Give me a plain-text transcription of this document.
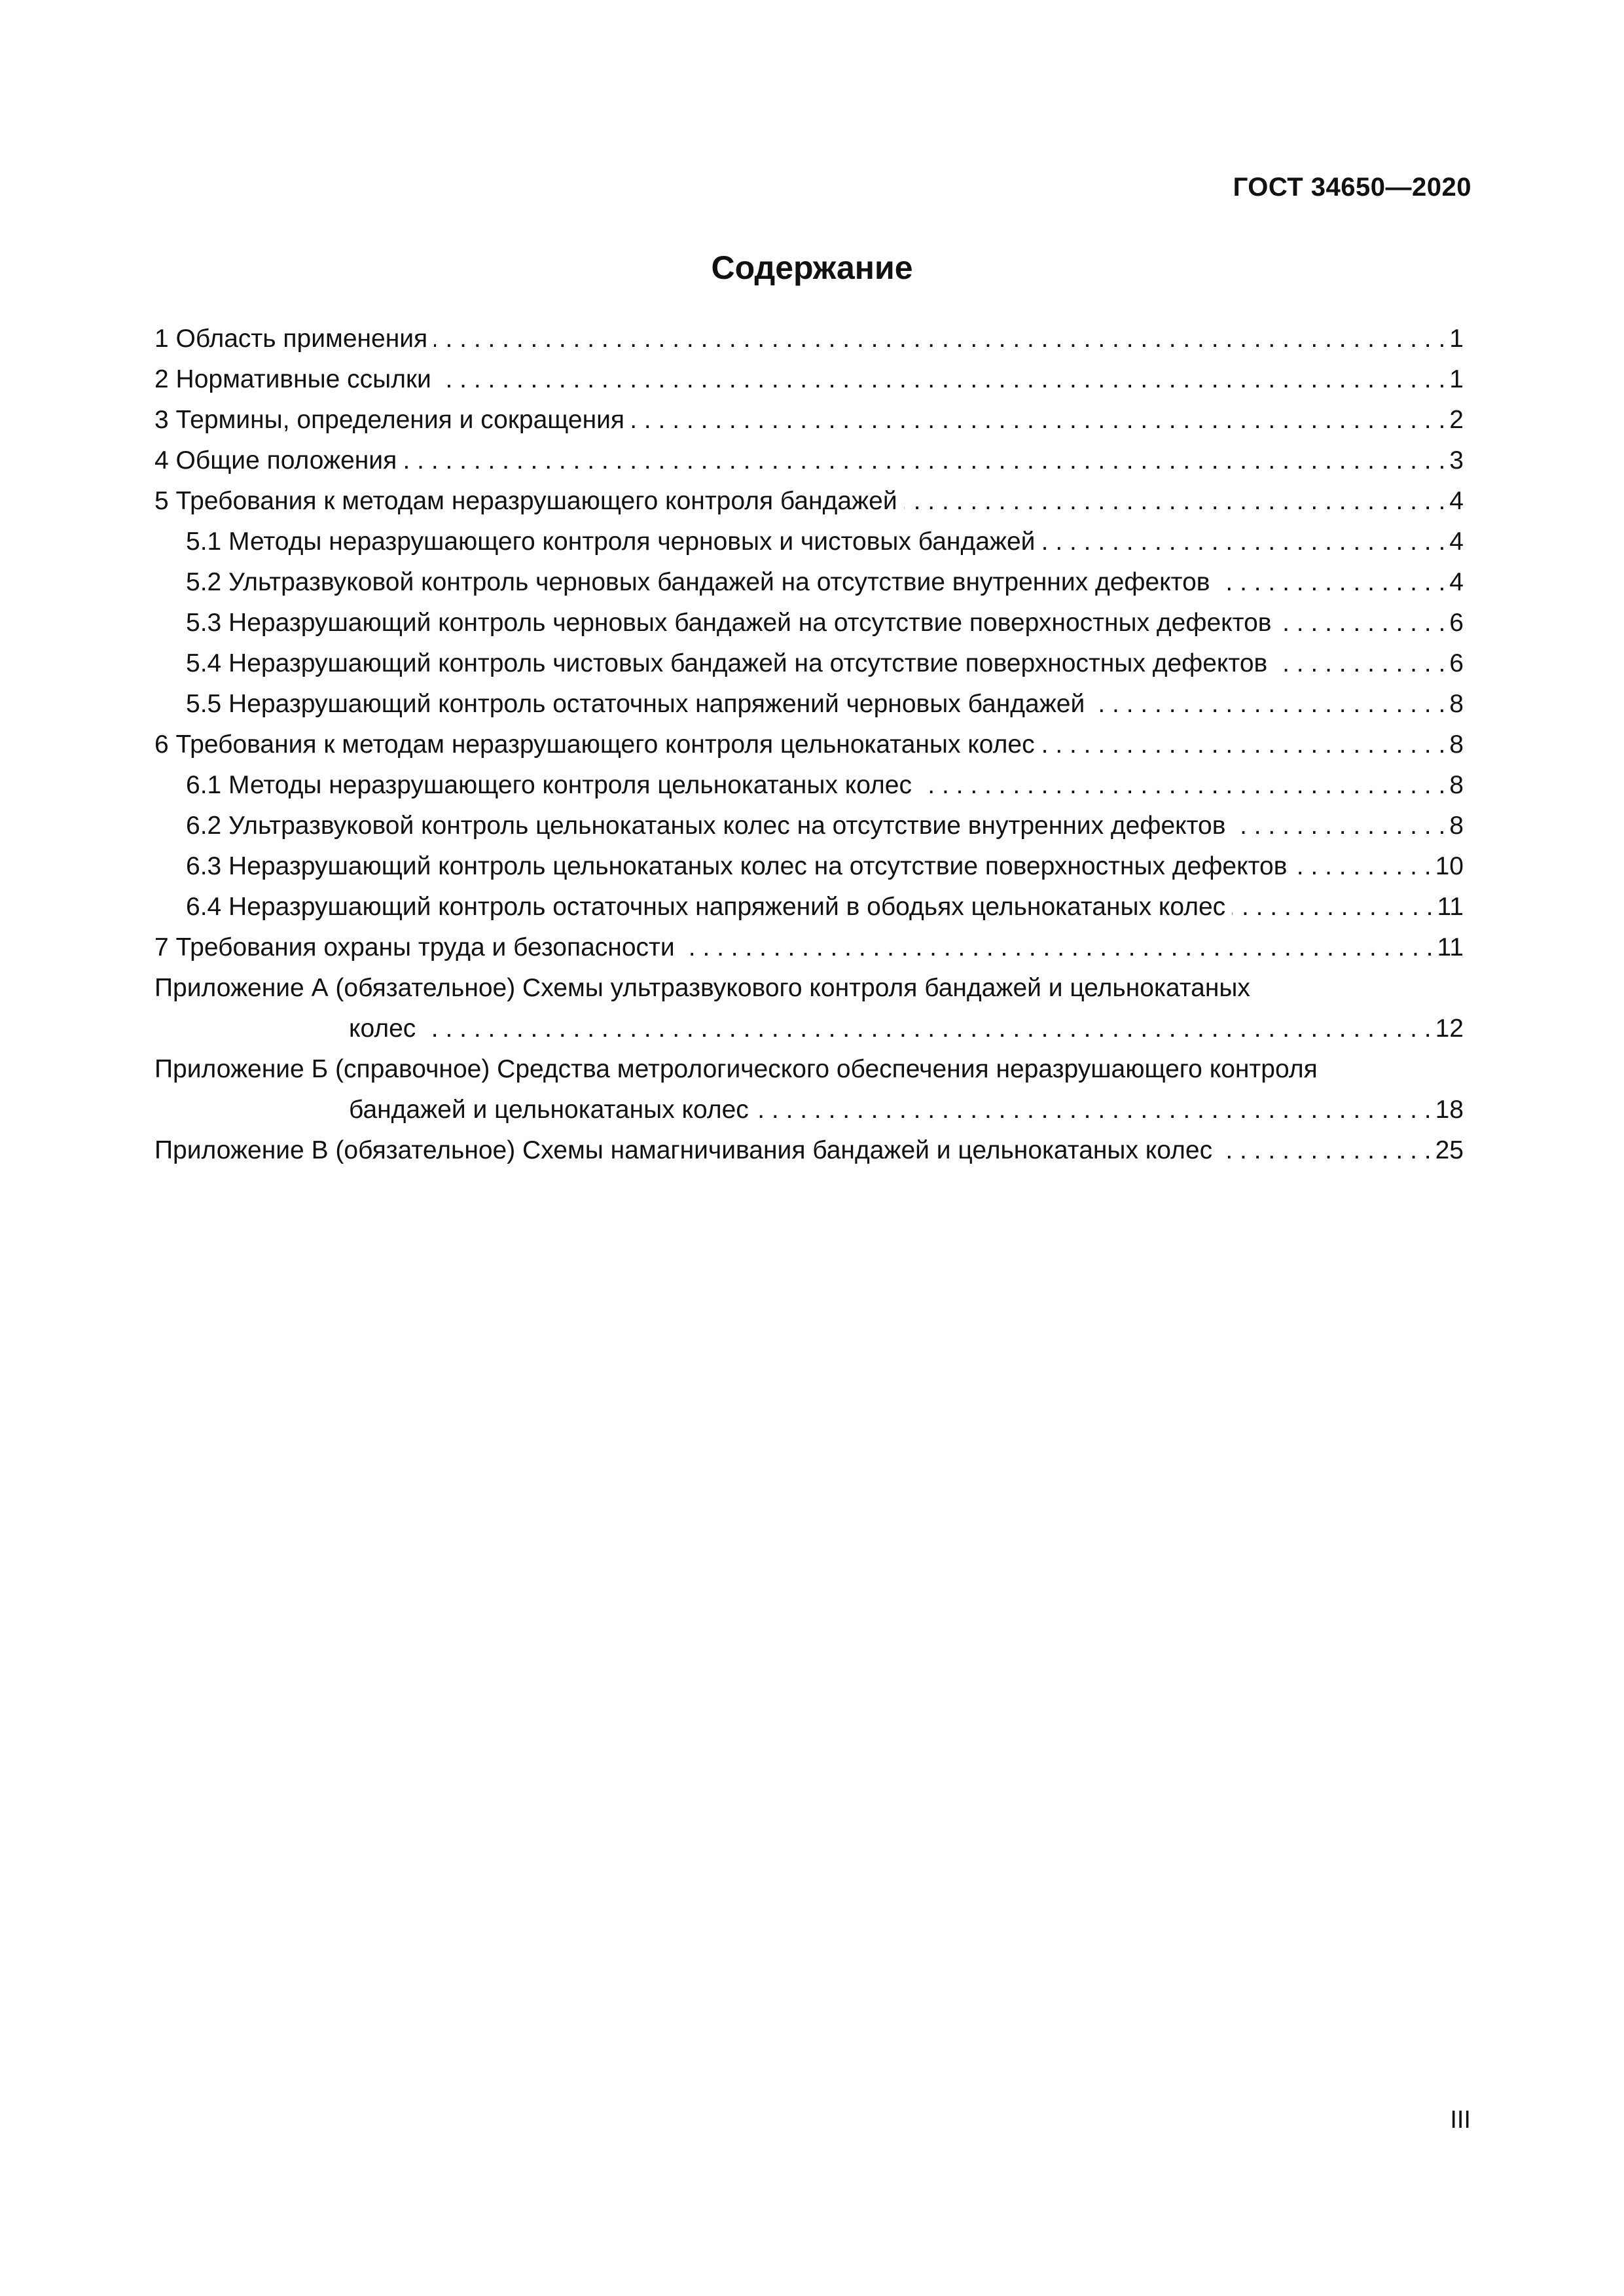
ГОСТ 34650—2020
Содержание
1 Область применения . . .	1
2 Нормативные ссылки . . .	1
3 Термины, определения и сокращения . . .	2
4 Общие положения . . .	3
5 Требования к методам неразрушающего контроля бандажей . . .	4
5.1 Методы неразрушающего контроля черновых и чистовых бандажей . . .	4
5.2 Ультразвуковой контроль черновых бандажей на отсутствие внутренних дефектов . . .	4
5.3 Неразрушающий контроль черновых бандажей на отсутствие поверхностных дефектов . . .	6
5.4 Неразрушающий контроль чистовых бандажей на отсутствие поверхностных дефектов . . .	6
5.5 Неразрушающий контроль остаточных напряжений черновых бандажей . . .	8
6 Требования к методам неразрушающего контроля цельнокатаных колес . . .	8
6.1 Методы неразрушающего контроля цельнокатаных колес . . .	8
6.2 Ультразвуковой контроль цельнокатаных колес на отсутствие внутренних дефектов . . .	8
6.3 Неразрушающий контроль цельнокатаных колес на отсутствие поверхностных дефектов . . .	10
6.4 Неразрушающий контроль остаточных напряжений в ободьях цельнокатаных колес . . .	11
7 Требования охраны труда и безопасности . . .	11
Приложение А (обязательное) Схемы ультразвукового контроля бандажей и цельнокатаных
колес . . .	12
Приложение Б (справочное) Средства метрологического обеспечения неразрушающего контроля
бандажей и цельнокатаных колес . . .	18
Приложение В (обязательное) Схемы намагничивания бандажей и цельнокатаных колес . . .	25
III
